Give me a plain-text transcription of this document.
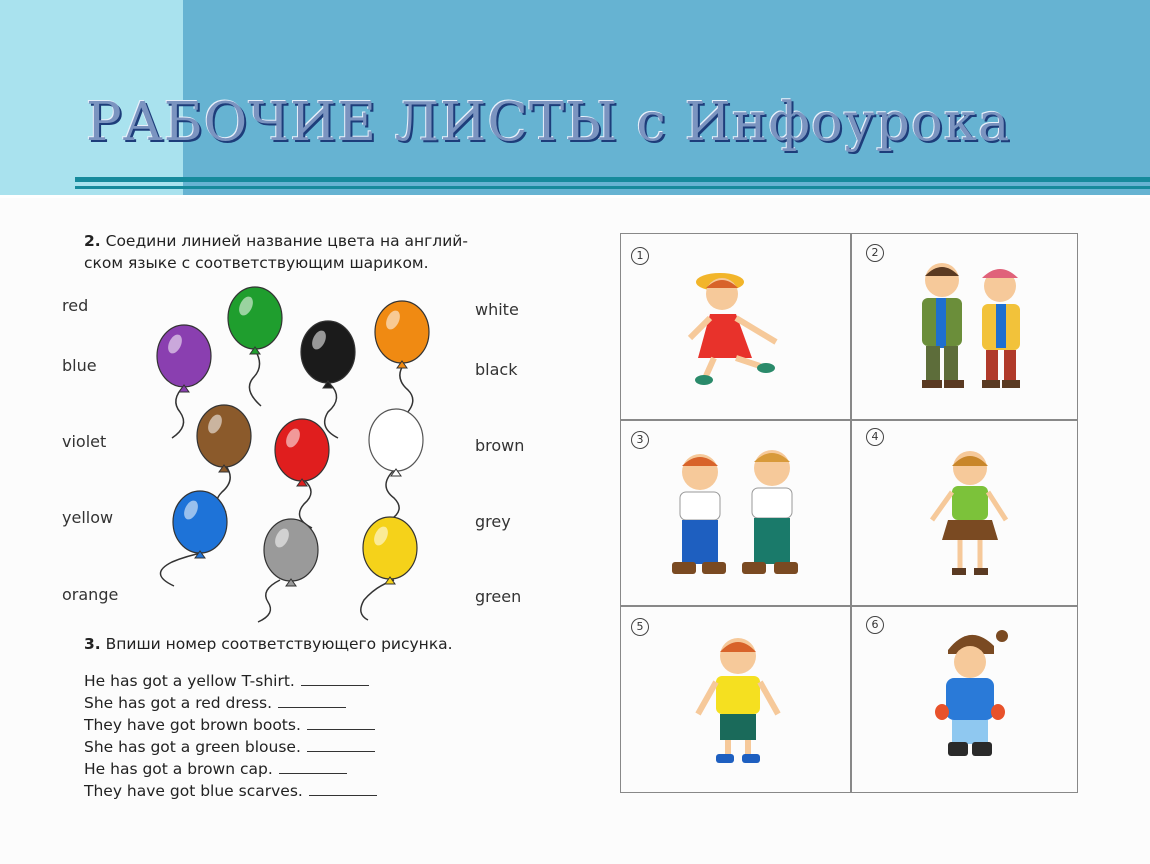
РАБОЧИЕ ЛИСТЫ с Инфоурока
2. Соедини линией название цвета на англий-
ском языке с соответствующим шариком.
red
blue
violet
yellow
orange
white
black
brown
grey
green
3. Впиши номер соответствующего рисунка.
He has got a yellow T-shirt.
She has got a red dress.
They have got brown boots.
She has got a green blouse.
He has got a brown cap.
They have got blue scarves.
1	2
3	4
5	6
